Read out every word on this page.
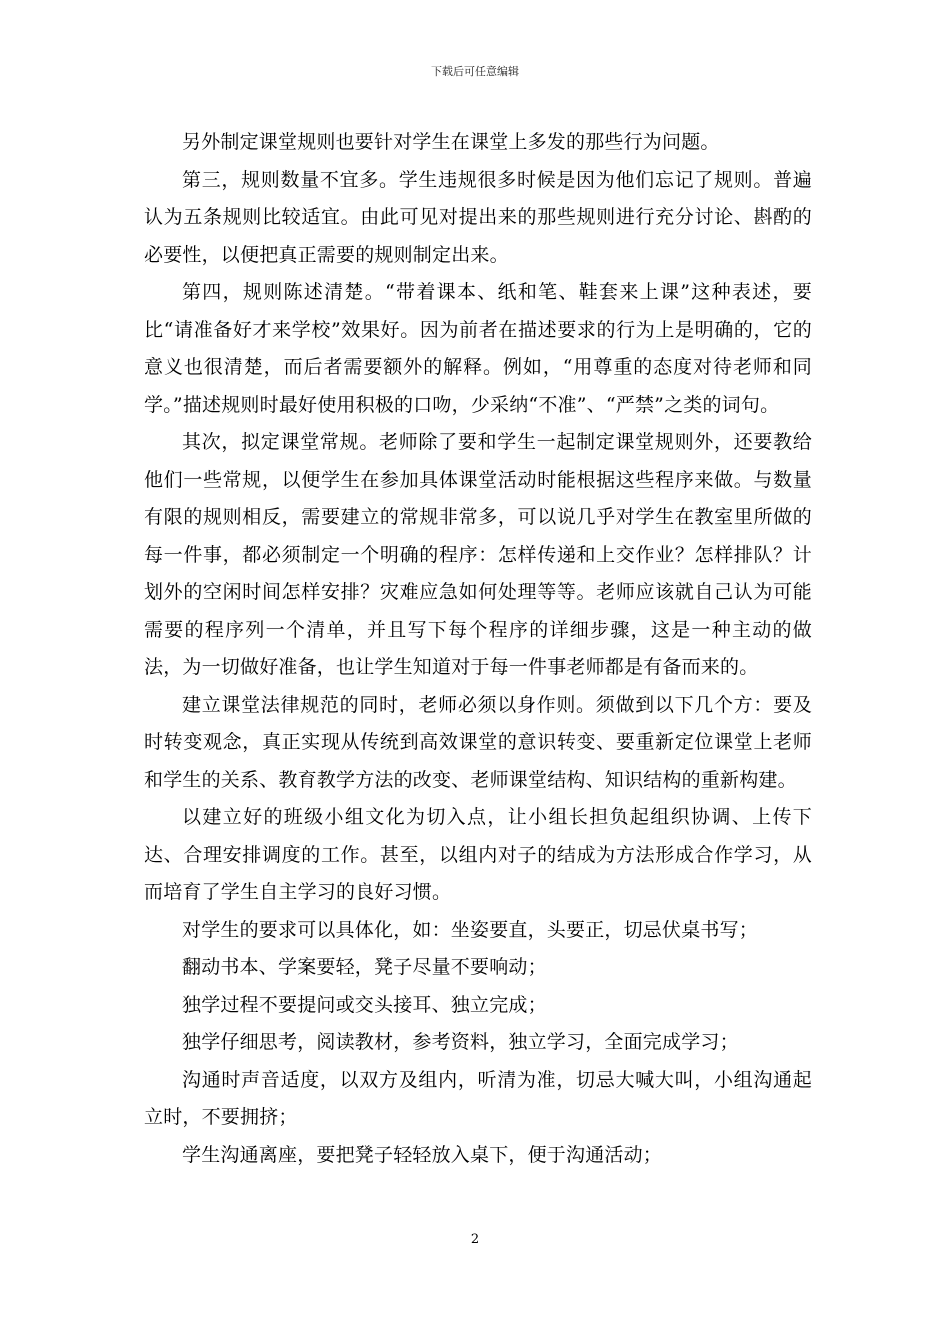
下载后可任意编辑

另外制定课堂规则也要针对学生在课堂上多发的那些行为问题。

第三，规则数量不宜多。学生违规很多时候是因为他们忘记了规则。普遍认为五条规则比较适宜。由此可见对提出来的那些规则进行充分讨论、斟酌的必要性，以便把真正需要的规则制定出来。

第四，规则陈述清楚。“带着课本、纸和笔、鞋套来上课”这种表述，要比“请准备好才来学校”效果好。因为前者在描述要求的行为上是明确的，它的意义也很清楚，而后者需要额外的解释。例如，“用尊重的态度对待老师和同学。”描述规则时最好使用积极的口吻，少采纳“不准”、“严禁”之类的词句。

其次，拟定课堂常规。老师除了要和学生一起制定课堂规则外，还要教给他们一些常规，以便学生在参加具体课堂活动时能根据这些程序来做。与数量有限的规则相反，需要建立的常规非常多，可以说几乎对学生在教室里所做的每一件事，都必须制定一个明确的程序：怎样传递和上交作业？怎样排队？计划外的空闲时间怎样安排？灾难应急如何处理等等。老师应该就自己认为可能需要的程序列一个清单，并且写下每个程序的详细步骤，这是一种主动的做法，为一切做好准备，也让学生知道对于每一件事老师都是有备而来的。

建立课堂法律规范的同时，老师必须以身作则。须做到以下几个方：要及时转变观念，真正实现从传统到高效课堂的意识转变、要重新定位课堂上老师和学生的关系、教育教学方法的改变、老师课堂结构、知识结构的重新构建。

以建立好的班级小组文化为切入点，让小组长担负起组织协调、上传下达、合理安排调度的工作。甚至，以组内对子的结成为方法形成合作学习，从而培育了学生自主学习的良好习惯。

对学生的要求可以具体化，如：坐姿要直，头要正，切忌伏桌书写；

翻动书本、学案要轻，凳子尽量不要响动；

独学过程不要提问或交头接耳、独立完成；

独学仔细思考，阅读教材，参考资料，独立学习，全面完成学习；

沟通时声音适度，以双方及组内，听清为准，切忌大喊大叫，小组沟通起立时，不要拥挤；

学生沟通离座，要把凳子轻轻放入桌下，便于沟通活动；

2
